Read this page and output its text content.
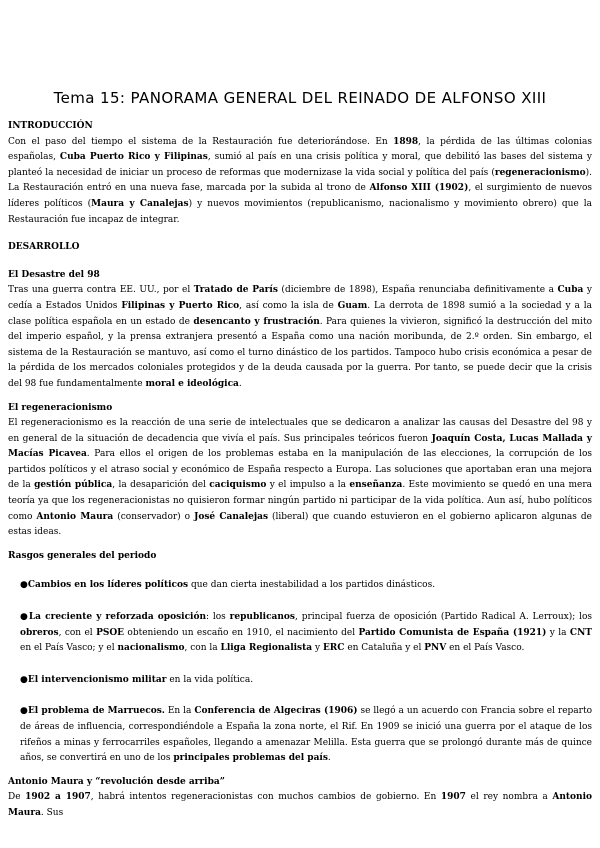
Tema 15: PANORAMA GENERAL DEL REINADO DE ALFONSO XIII
INTRODUCCIÓN

Con el paso del tiempo el sistema de la Restauración fue deteriorándose. En 1898, la pérdida de las últimas colonias españolas, Cuba Puerto Rico y Filipinas, sumió al país en una crisis política y moral, que debilitó las bases del sistema y planteó la necesidad de iniciar un proceso de reformas que modernizase la vida social y política del país (regeneracionismo). La Restauración entró en una nueva fase, marcada por la subida al trono de Alfonso XIII (1902), el surgimiento de nuevos líderes políticos (Maura y Canalejas) y nuevos movimientos (republicanismo, nacionalismo y movimiento obrero) que la Restauración fue incapaz de integrar.

DESARROLLO
El Desastre del 98

Tras una guerra contra EE. UU., por el Tratado de París (diciembre de 1898), España renunciaba definitivamente a Cuba y cedía a Estados Unidos Filipinas y Puerto Rico, así como la isla de Guam. La derrota de 1898 sumió a la sociedad y a la clase política española en un estado de desencanto y frustración. Para quienes la vivieron, significó la destrucción del mito del imperio español, y la prensa extranjera presentó a España como una nación moribunda, de 2.º orden. Sin embargo, el sistema de la Restauración se mantuvo, así como el turno dinástico de los partidos. Tampoco hubo crisis económica a pesar de la pérdida de los mercados coloniales protegidos y de la deuda causada por la guerra. Por tanto, se puede decir que la crisis del 98 fue fundamentalmente moral e ideológica.

El regeneracionismo

El regeneracionismo es la reacción de una serie de intelectuales que se dedicaron a analizar las causas del Desastre del 98 y en general de la situación de decadencia que vivía el país. Sus principales teóricos fueron Joaquín Costa, Lucas Mallada y Macías Picavea. Para ellos el origen de los problemas estaba en la manipulación de las elecciones, la corrupción de los partidos políticos y el atraso social y económico de España respecto a Europa. Las soluciones que aportaban eran una mejora de la gestión pública, la desaparición del caciquismo y el impulso a la enseñanza. Este movimiento se quedó en una mera teoría ya que los regeneracionistas no quisieron formar ningún partido ni participar de la vida política. Aun así, hubo políticos como Antonio Maura (conservador) o José Canalejas (liberal) que cuando estuvieron en el gobierno aplicaron algunas de estas ideas.

Rasgos generales del periodo

●Cambios en los líderes políticos que dan cierta inestabilidad a los partidos dinásticos.

●La creciente y reforzada oposición: los republicanos, principal fuerza de oposición (Partido Radical A. Lerroux); los obreros, con el PSOE obteniendo un escaño en 1910, el nacimiento del Partido Comunista de España (1921) y la CNT en el País Vasco; y el nacionalismo, con la Lliga Regionalista y ERC en Cataluña y el PNV en el País Vasco.

●El intervencionismo militar en la vida política.

●El problema de Marruecos. En la Conferencia de Algeciras (1906) se llegó a un acuerdo con Francia sobre el reparto de áreas de influencia, correspondiéndole a España la zona norte, el Rif. En 1909 se inició una guerra por el ataque de los rifeños a minas y ferrocarriles españoles, llegando a amenazar Melilla. Esta guerra que se prolongó durante más de quince años, se convertirá en uno de los principales problemas del país.

Antonio Maura y “revolución desde arriba”

De 1902 a 1907, habrá intentos regeneracionistas con muchos cambios de gobierno. En 1907 el rey nombra a Antonio Maura. Sus
